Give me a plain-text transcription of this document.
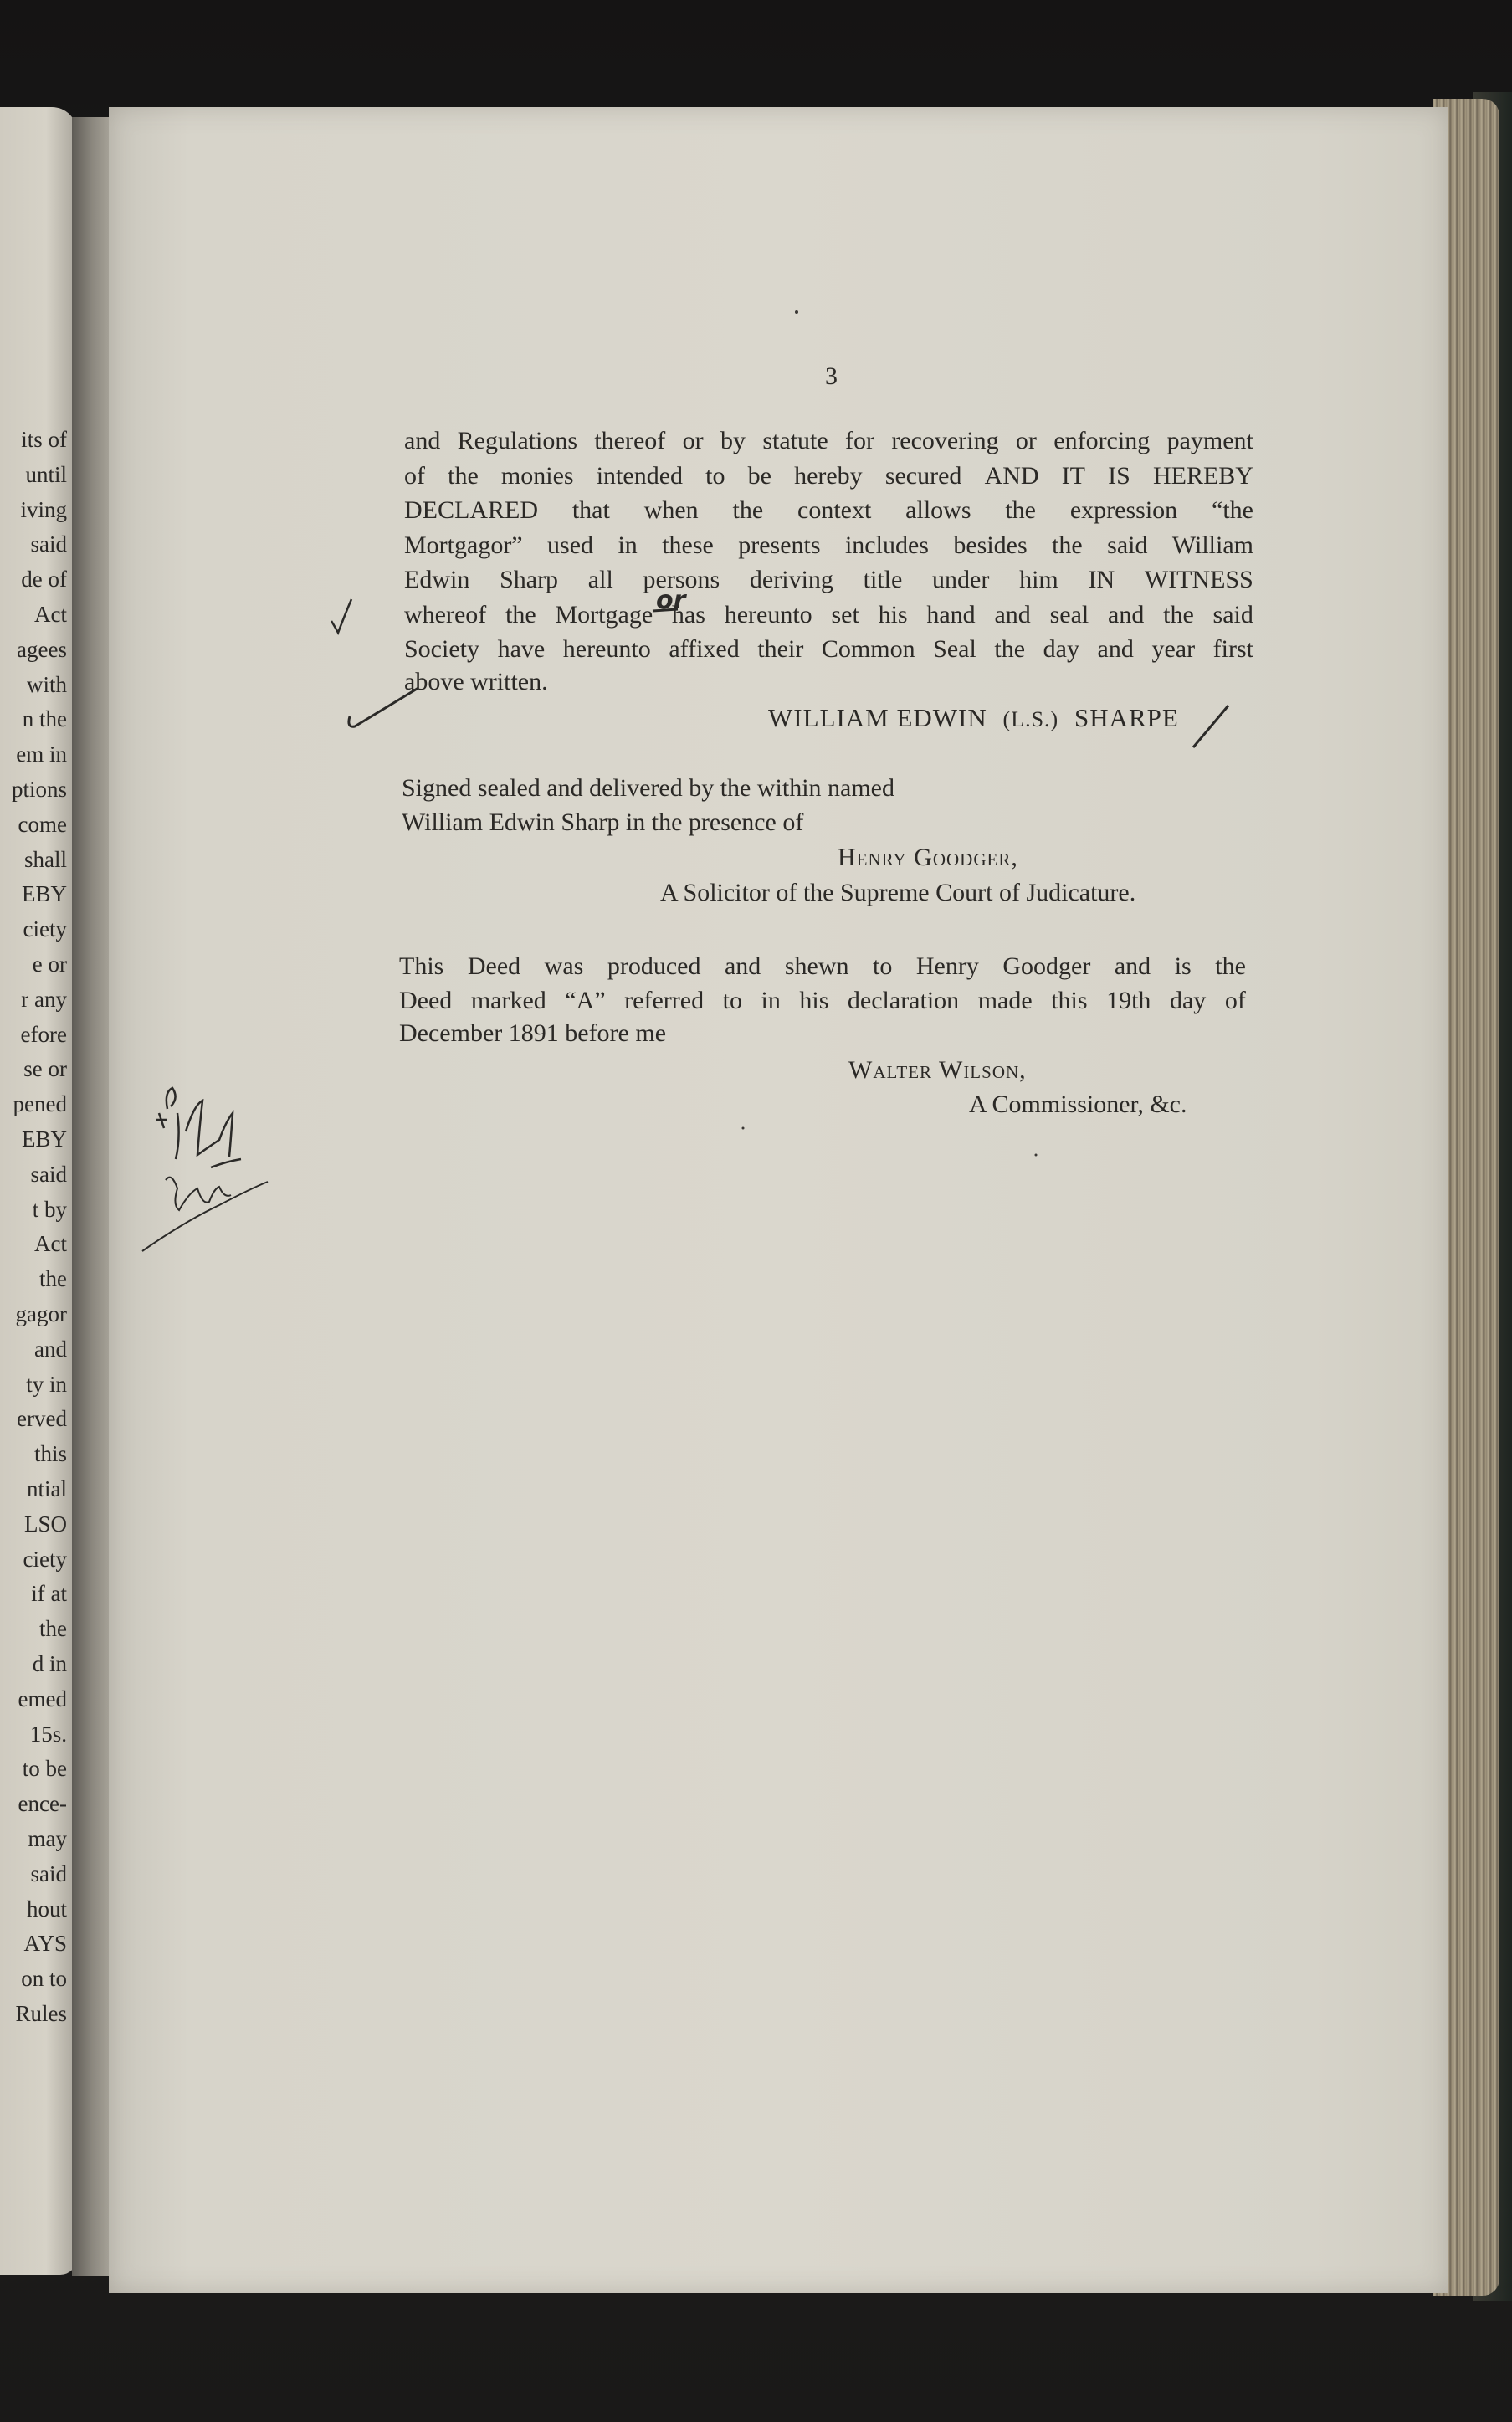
its of
until
iving
said
de of
Act
agees
with
n the
em in
ptions
come
shall
EBY
ciety
e or
r any
efore
se or
pened
EBY
said
t by
Act
the
gagor
and
ty in
erved
this
ntial
LSO
ciety
if at
the
d in
emed
15s.
to be
ence-
may
said
hout
AYS
on to
Rules
3
and Regulations thereof or by statute for recovering or enforcing payment
of the monies intended to be hereby secured AND IT IS HEREBY
DECLARED that when the context allows the expression “the
Mortgagor” used in these presents includes besides the said William
Edwin Sharp all persons deriving title under him IN WITNESS
whereof the Mortgage has hereunto set his hand and seal and the said
Society have hereunto affixed their Common Seal the day and year first
above written.
WILLIAM EDWIN (L.S.) SHARPE
Signed sealed and delivered by the within named
William Edwin Sharp in the presence of
Henry Goodger,
A Solicitor of the Supreme Court of Judicature.
This Deed was produced and shewn to Henry Goodger and is the
Deed marked “A” referred to in his declaration made this 19th day of
December 1891 before me
Walter Wilson,
A Commissioner, &c.
or
